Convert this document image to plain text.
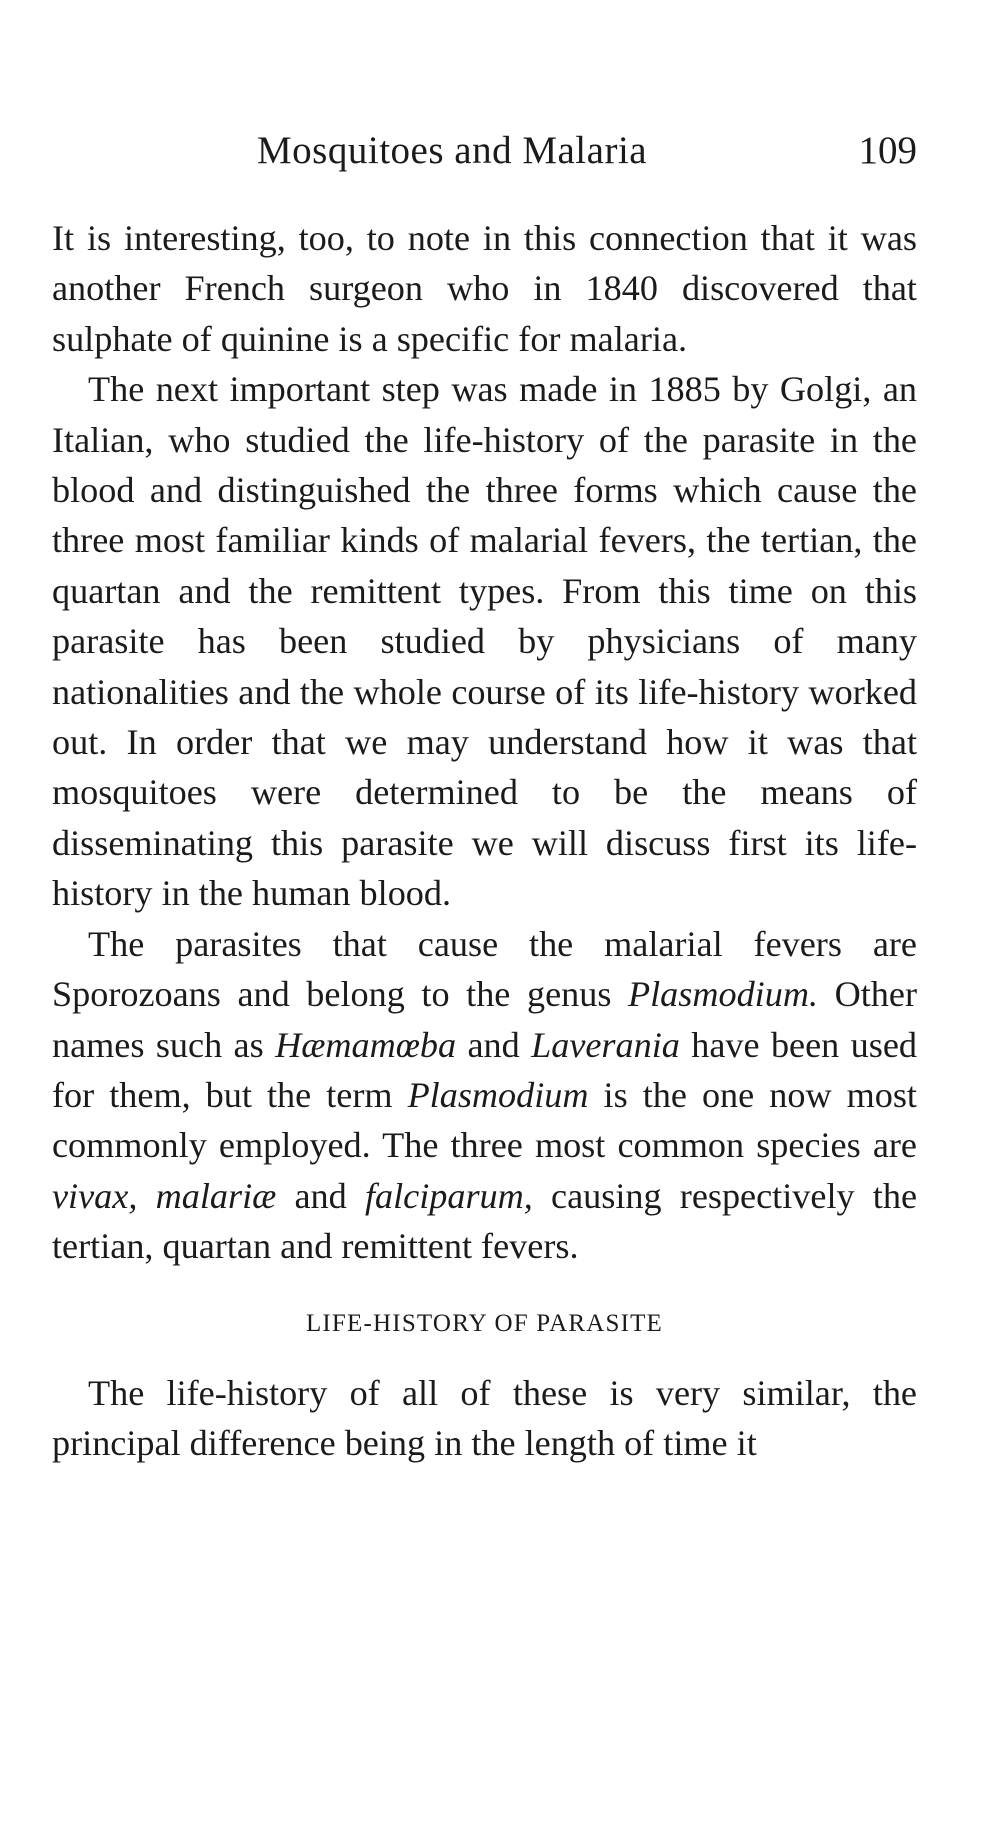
Mosquitoes and Malaria	109

It is interesting, too, to note in this connection that it was another French surgeon who in 1840 discovered that sulphate of quinine is a specific for malaria.

The next important step was made in 1885 by Golgi, an Italian, who studied the life-history of the parasite in the blood and distinguished the three forms which cause the three most familiar kinds of malarial fevers, the tertian, the quartan and the remittent types. From this time on this parasite has been studied by physicians of many nationalities and the whole course of its life-history worked out. In order that we may understand how it was that mosquitoes were determined to be the means of disseminating this parasite we will discuss first its life-history in the human blood.

The parasites that cause the malarial fevers are Sporozoans and belong to the genus Plasmodium. Other names such as Hæmamœba and Laverania have been used for them, but the term Plasmodium is the one now most commonly employed. The three most common species are vivax, malariæ and falciparum, causing respectively the tertian, quartan and remittent fevers.

LIFE-HISTORY OF PARASITE

The life-history of all of these is very similar, the principal difference being in the length of time it
